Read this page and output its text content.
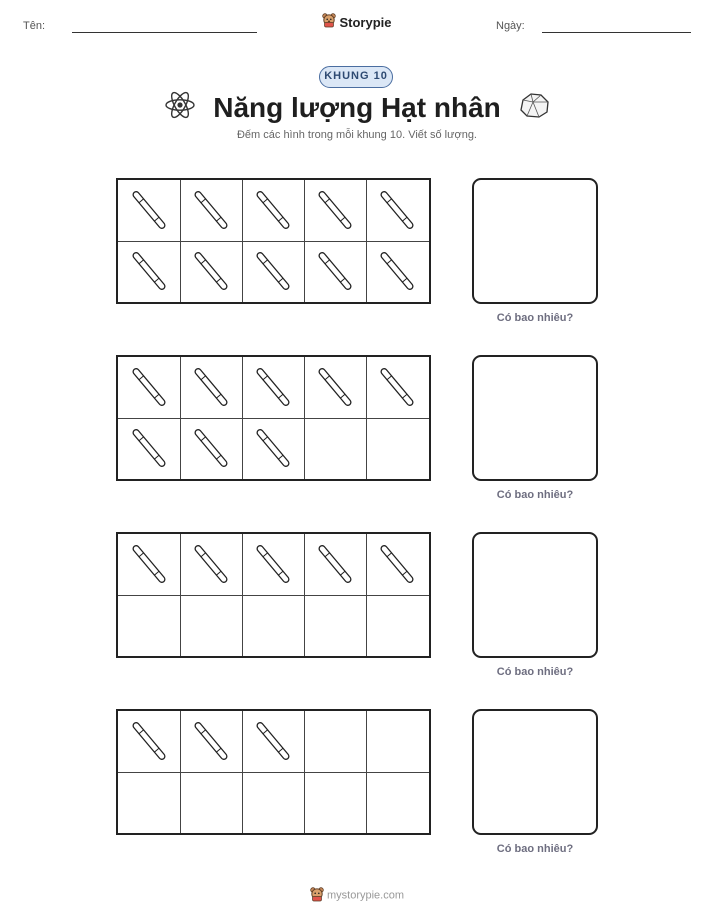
Tên:	Storypie	Ngày:
KHUNG 10
Năng lượng Hạt nhân
Đếm các hình trong mỗi khung 10. Viết số lượng.
Có bao nhiêu?
Có bao nhiêu?
Có bao nhiêu?
Có bao nhiêu?
mystorypie.com
